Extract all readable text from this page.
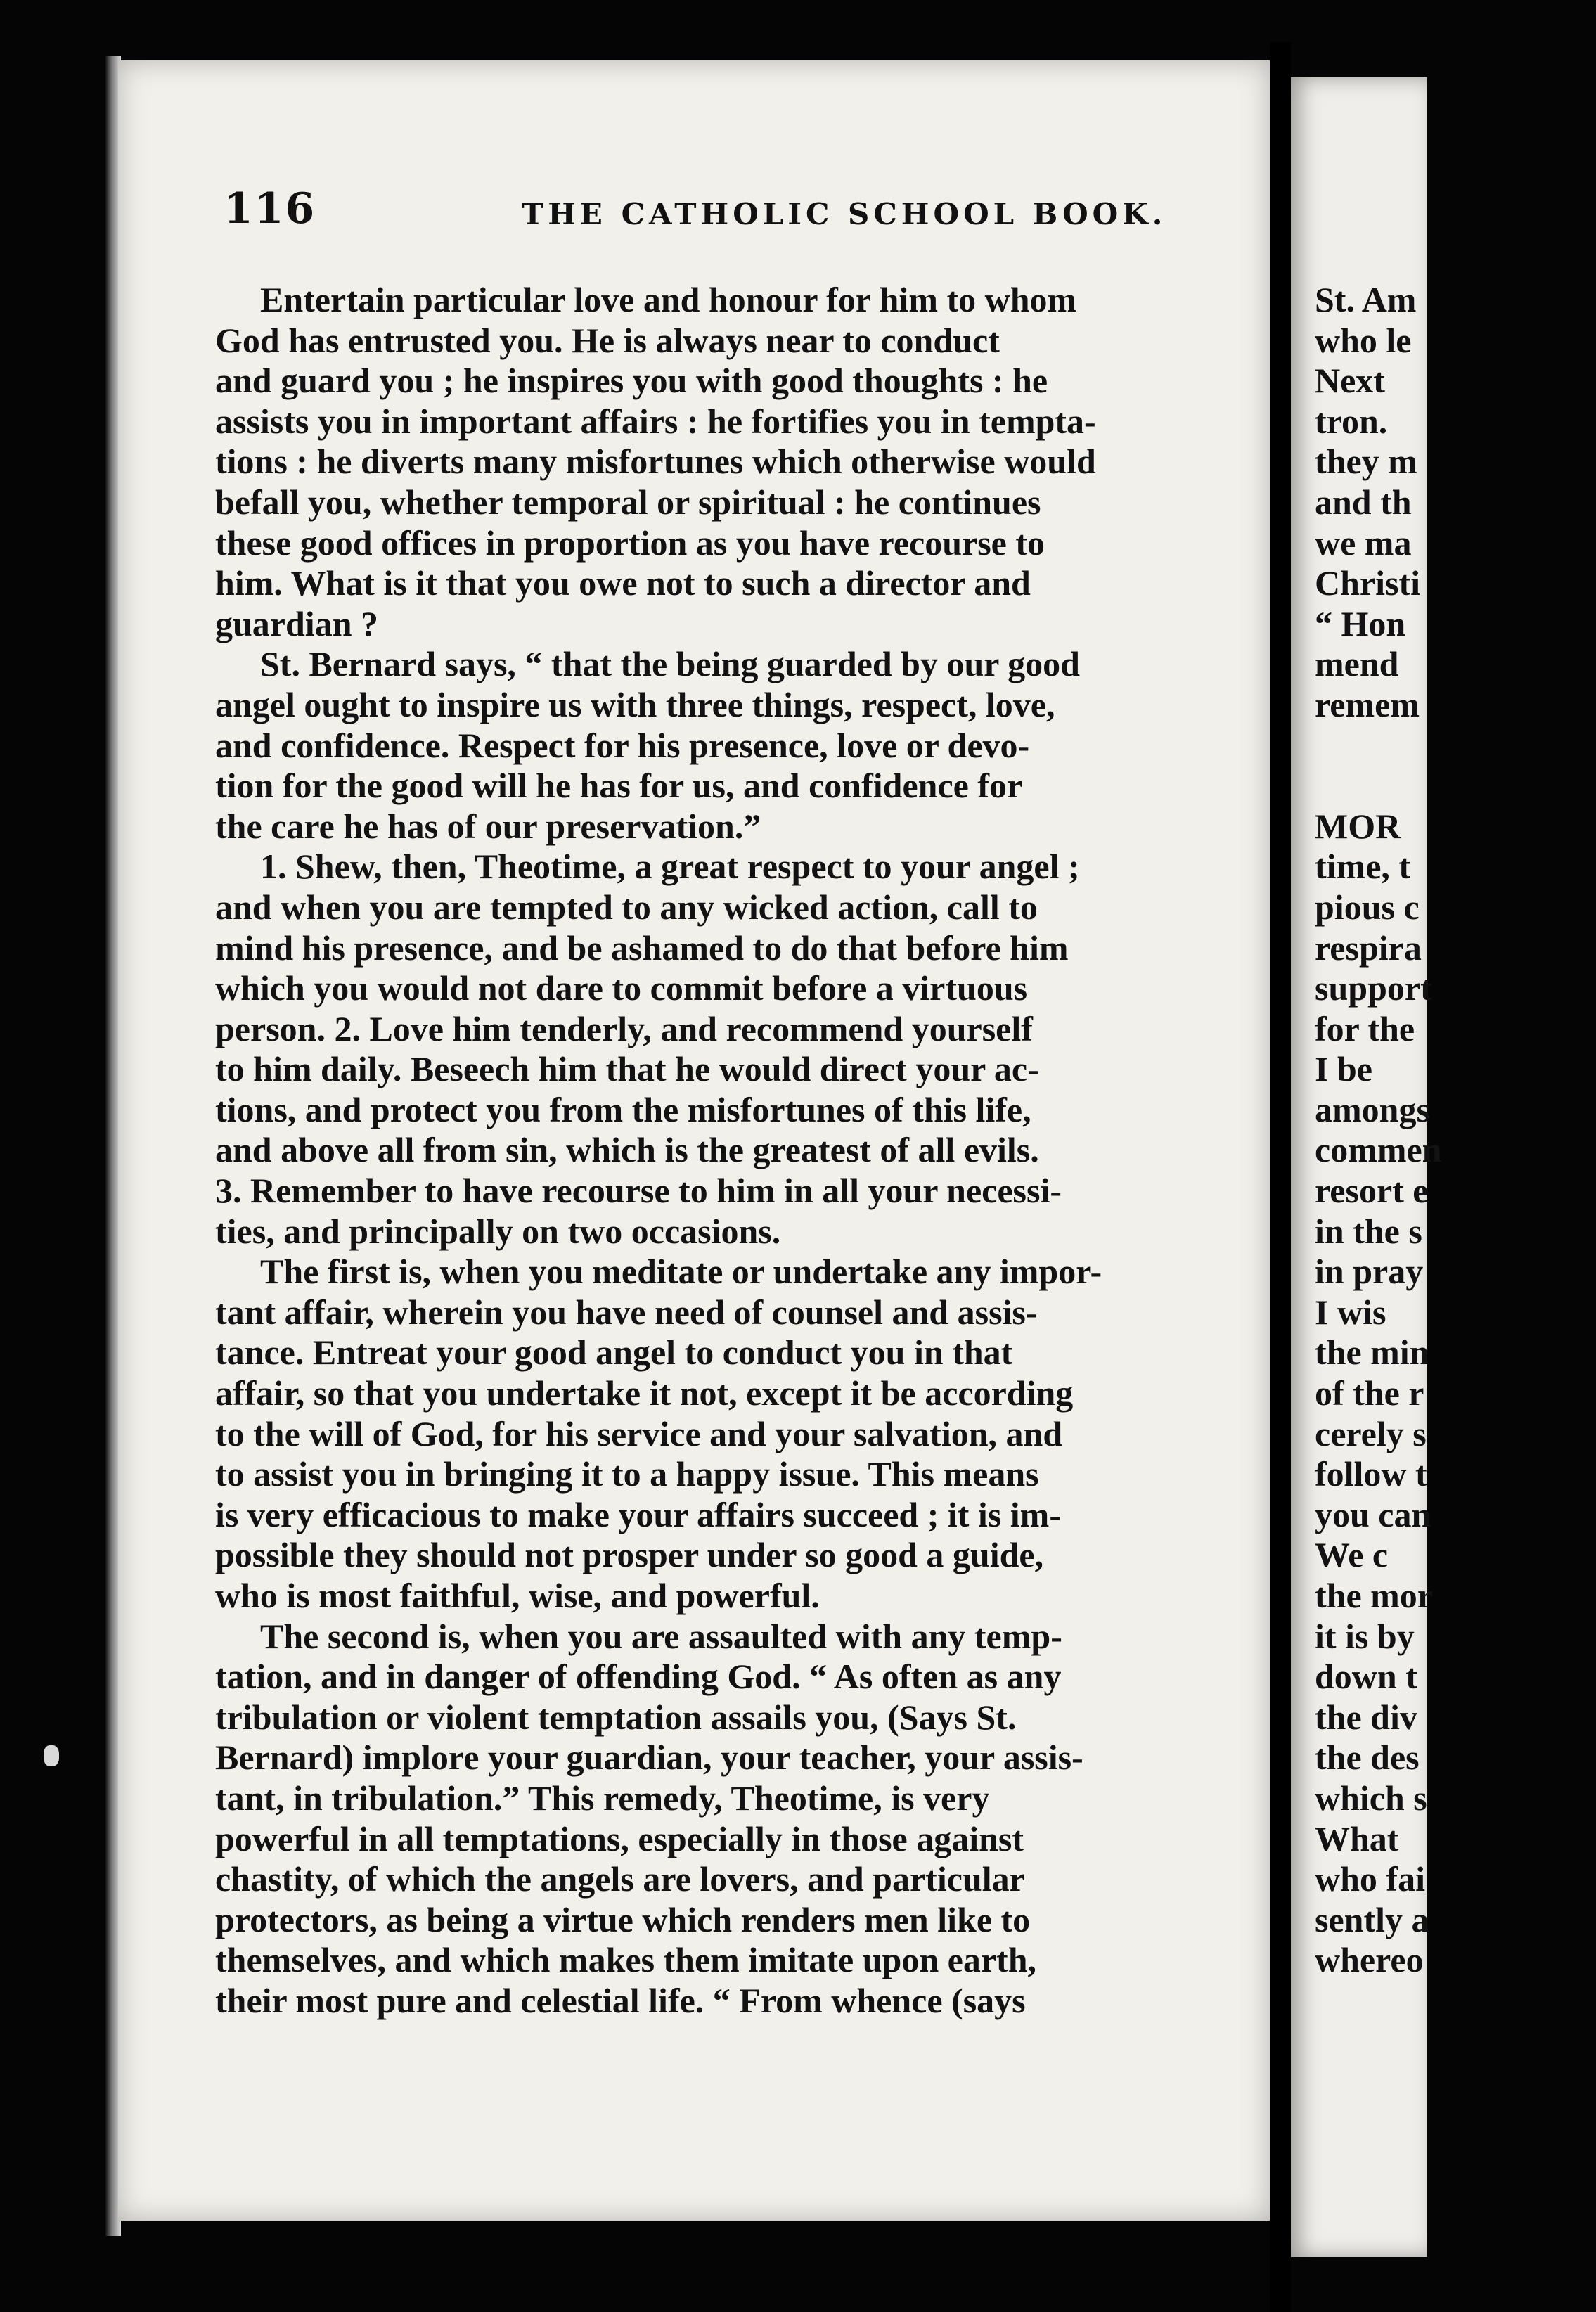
116	THE CATHOLIC SCHOOL BOOK.
Entertain particular love and honour for him to whom
God has entrusted you. He is always near to conduct
and guard you ; he inspires you with good thoughts : he
assists you in important affairs : he fortifies you in tempta-
tions : he diverts many misfortunes which otherwise would
befall you, whether temporal or spiritual : he continues
these good offices in proportion as you have recourse to
him. What is it that you owe not to such a director and
guardian ?
St. Bernard says, “ that the being guarded by our good
angel ought to inspire us with three things, respect, love,
and confidence. Respect for his presence, love or devo-
tion for the good will he has for us, and confidence for
the care he has of our preservation.”
1. Shew, then, Theotime, a great respect to your angel ;
and when you are tempted to any wicked action, call to
mind his presence, and be ashamed to do that before him
which you would not dare to commit before a virtuous
person. 2. Love him tenderly, and recommend yourself
to him daily. Beseech him that he would direct your ac-
tions, and protect you from the misfortunes of this life,
and above all from sin, which is the greatest of all evils.
3. Remember to have recourse to him in all your necessi-
ties, and principally on two occasions.
The first is, when you meditate or undertake any impor-
tant affair, wherein you have need of counsel and assis-
tance. Entreat your good angel to conduct you in that
affair, so that you undertake it not, except it be according
to the will of God, for his service and your salvation, and
to assist you in bringing it to a happy issue. This means
is very efficacious to make your affairs succeed ; it is im-
possible they should not prosper under so good a guide,
who is most faithful, wise, and powerful.
The second is, when you are assaulted with any temp-
tation, and in danger of offending God. “ As often as any
tribulation or violent temptation assails you, (Says St.
Bernard) implore your guardian, your teacher, your assis-
tant, in tribulation.” This remedy, Theotime, is very
powerful in all temptations, especially in those against
chastity, of which the angels are lovers, and particular
protectors, as being a virtue which renders men like to
themselves, and which makes them imitate upon earth,
their most pure and celestial life. “ From whence (says
St. Am
who le
Next
tron.
they m
and th
we ma
Christi
“ Hon
mend
remem
MOR
time, t
pious c
respira
support
for the
I be
amongs
commen
resort e
in the s
in pray
I wis
the min
of the r
cerely s
follow t
you can
We c
the mor
it is by
down t
the div
the des
which s
What
who fai
sently a
whereo
